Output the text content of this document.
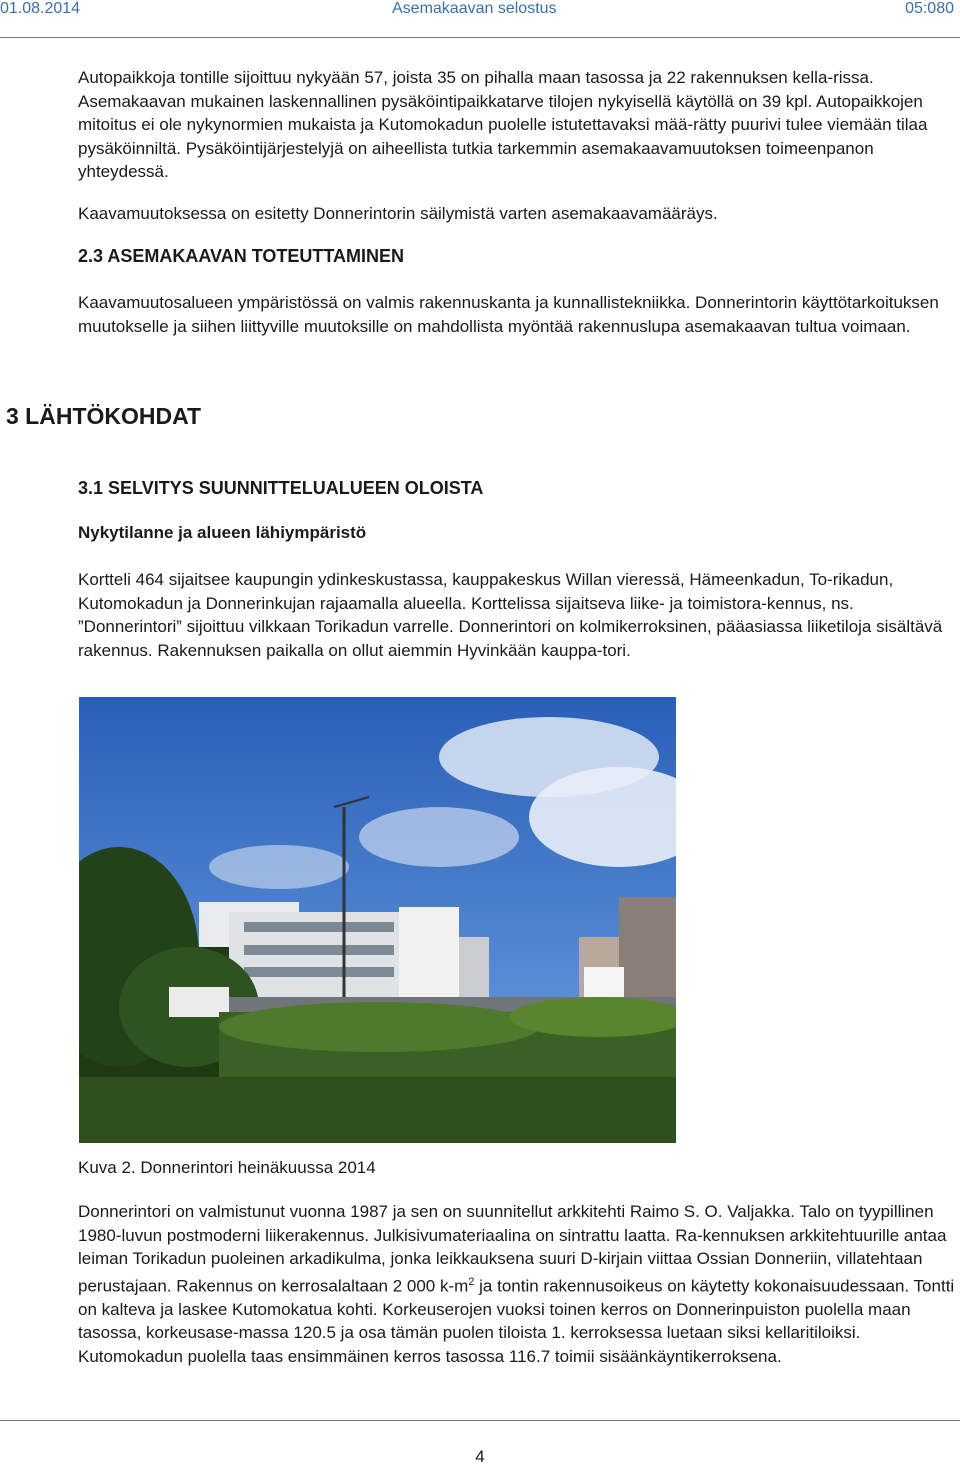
01.08.2014	Asemakaavan selostus	05:080

Autopaikkoja tontille sijoittuu nykyään 57, joista 35 on pihalla maan tasossa ja 22 rakennuksen kella-rissa. Asemakaavan mukainen laskennallinen pysäköintipaikkatarve tilojen nykyisellä käytöllä on 39 kpl. Autopaikkojen mitoitus ei ole nykynormien mukaista ja Kutomokadun puolelle istutettavaksi mää-rätty puurivi tulee viemään tilaa pysäköinniltä. Pysäköintijärjestelyjä on aiheellista tutkia tarkemmin asemakaavamuutoksen toimeenpanon yhteydessä.

Kaavamuutoksessa on esitetty Donnerintorin säilymistä varten asemakaavamääräys.

2.3 ASEMAKAAVAN TOTEUTTAMINEN

Kaavamuutosalueen ympäristössä on valmis rakennuskanta ja kunnallistekniikka. Donnerintorin käyttötarkoituksen muutokselle ja siihen liittyville muutoksille on mahdollista myöntää rakennuslupa asemakaavan tultua voimaan.

3 LÄHTÖKOHDAT
3.1 SELVITYS SUUNNITTELUALUEEN OLOISTA
Nykytilanne ja alueen lähiympäristö

Kortteli 464 sijaitsee kaupungin ydinkeskustassa, kauppakeskus Willan vieressä, Hämeenkadun, To-rikadun, Kutomokadun ja Donnerinkujan rajaamalla alueella. Korttelissa sijaitseva liike- ja toimistora-kennus, ns. ”Donnerintori” sijoittuu vilkkaan Torikadun varrelle. Donnerintori on kolmikerroksinen, pääasiassa liiketiloja sisältävä rakennus. Rakennuksen paikalla on ollut aiemmin Hyvinkään kauppa-tori.

Kuva 2. Donnerintori heinäkuussa 2014

Donnerintori on valmistunut vuonna 1987 ja sen on suunnitellut arkkitehti Raimo S. O. Valjakka. Talo on tyypillinen 1980-luvun postmoderni liikerakennus. Julkisivumateriaalina on sintrattu laatta. Ra-kennuksen arkkitehtuurille antaa leiman Torikadun puoleinen arkadikulma, jonka leikkauksena suuri D-kirjain viittaa Ossian Donneriin, villatehtaan perustajaan. Rakennus on kerrosalaltaan 2 000 $k-m^2$ ja tontin rakennusoikeus on käytetty kokonaisuudessaan. Tontti on kalteva ja laskee Kutomokatua kohti. Korkeuserojen vuoksi toinen kerros on Donnerinpuiston puolella maan tasossa, korkeusase-massa 120.5 ja osa tämän puolen tiloista 1. kerroksessa luetaan siksi kellaritiloiksi. Kutomokadun puolella taas ensimmäinen kerros tasossa 116.7 toimii sisäänkäyntikerroksena.

4
